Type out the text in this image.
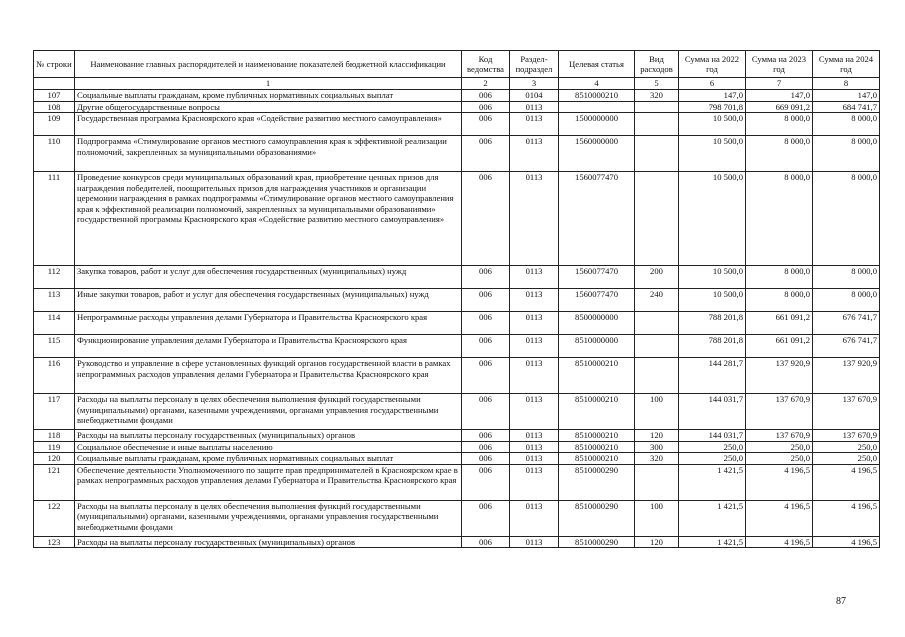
№ строки	Наименование главных распорядителей и наименование показателей бюджетной классификации	Код ведомства	Раздел-подраздел	Целевая статья	Вид расходов	Сумма на 2022 год	Сумма на 2023 год	Сумма на 2024 год
	1	2	3	4	5	6	7	8
107	Социальные выплаты гражданам, кроме публичных нормативных социальных выплат	006	0104	8510000210	320	147,0	147,0	147,0
108	Другие общегосударственные вопросы	006	0113			798 701,8	669 091,2	684 741,7
109	Государственная программа Красноярского края «Содействие развитию местного самоуправления»	006	0113	1500000000		10 500,0	8 000,0	8 000,0
110	Подпрограмма «Стимулирование органов местного самоуправления края к эффективной реализации полномочий, закрепленных за муниципальными образованиями»	006	0113	1560000000		10 500,0	8 000,0	8 000,0
111	Проведение конкурсов среди муниципальных образований края, приобретение ценных призов для награждения победителей, поощрительных призов для награждения участников и организации церемонии награждения в рамках подпрограммы «Стимулирование органов местного самоуправления края к эффективной реализации полномочий, закрепленных за муниципальными образованиями» государственной программы Красноярского края «Содействие развитию местного самоуправления»	006	0113	1560077470		10 500,0	8 000,0	8 000,0
112	Закупка товаров, работ и услуг для обеспечения государственных (муниципальных) нужд	006	0113	1560077470	200	10 500,0	8 000,0	8 000,0
113	Иные закупки товаров, работ и услуг для обеспечения государственных (муниципальных) нужд	006	0113	1560077470	240	10 500,0	8 000,0	8 000,0
114	Непрограммные расходы управления делами Губернатора и Правительства Красноярского края	006	0113	8500000000		788 201,8	661 091,2	676 741,7
115	Функционирование управления делами Губернатора и Правительства Красноярского края	006	0113	8510000000		788 201,8	661 091,2	676 741,7
116	Руководство и управление в сфере установленных функций органов государственной власти в рамках непрограммных расходов управления делами Губернатора и Правительства Красноярского края	006	0113	8510000210		144 281,7	137 920,9	137 920,9
117	Расходы на выплаты персоналу в целях обеспечения выполнения функций государственными (муниципальными) органами, казенными учреждениями, органами управления государственными внебюджетными фондами	006	0113	8510000210	100	144 031,7	137 670,9	137 670,9
118	Расходы на выплаты персоналу государственных (муниципальных) органов	006	0113	8510000210	120	144 031,7	137 670,9	137 670,9
119	Социальное обеспечение и иные выплаты населению	006	0113	8510000210	300	250,0	250,0	250,0
120	Социальные выплаты гражданам, кроме публичных нормативных социальных выплат	006	0113	8510000210	320	250,0	250,0	250,0
121	Обеспечение деятельности Уполномоченного по защите прав предпринимателей в Красноярском крае в рамках непрограммных расходов управления делами Губернатора и Правительства Красноярского края	006	0113	8510000290		1 421,5	4 196,5	4 196,5
122	Расходы на выплаты персоналу в целях обеспечения выполнения функций государственными (муниципальными) органами, казенными учреждениями, органами управления государственными внебюджетными фондами	006	0113	8510000290	100	1 421,5	4 196,5	4 196,5
123	Расходы на выплаты персоналу государственных (муниципальных) органов	006	0113	8510000290	120	1 421,5	4 196,5	4 196,5
87
